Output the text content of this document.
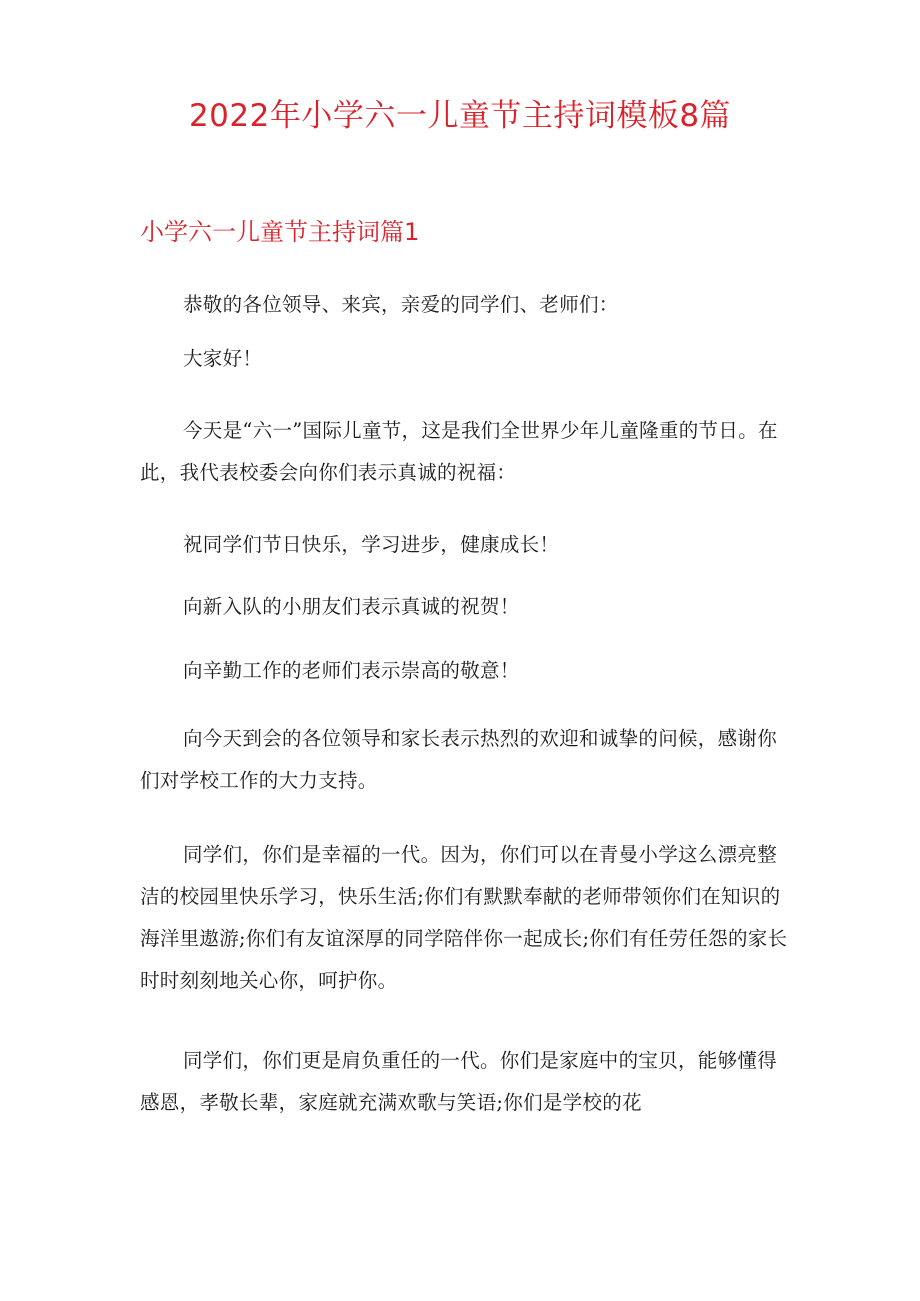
2022年小学六一儿童节主持词模板8篇
小学六一儿童节主持词篇1

恭敬的各位领导、来宾，亲爱的同学们、老师们：

大家好！

今天是“六一”国际儿童节，这是我们全世界少年儿童隆重的节日。在此，我代表校委会向你们表示真诚的祝福：

祝同学们节日快乐，学习进步，健康成长！

向新入队的小朋友们表示真诚的祝贺！

向辛勤工作的老师们表示崇高的敬意！

向今天到会的各位领导和家长表示热烈的欢迎和诚挚的问候，感谢你们对学校工作的大力支持。

同学们，你们是幸福的一代。因为，你们可以在青曼小学这么漂亮整洁的校园里快乐学习，快乐生活;你们有默默奉献的老师带领你们在知识的海洋里遨游;你们有友谊深厚的同学陪伴你一起成长;你们有任劳任怨的家长时时刻刻地关心你，呵护你。

同学们，你们更是肩负重任的一代。你们是家庭中的宝贝，能够懂得感恩，孝敬长辈，家庭就充满欢歌与笑语;你们是学校的花
